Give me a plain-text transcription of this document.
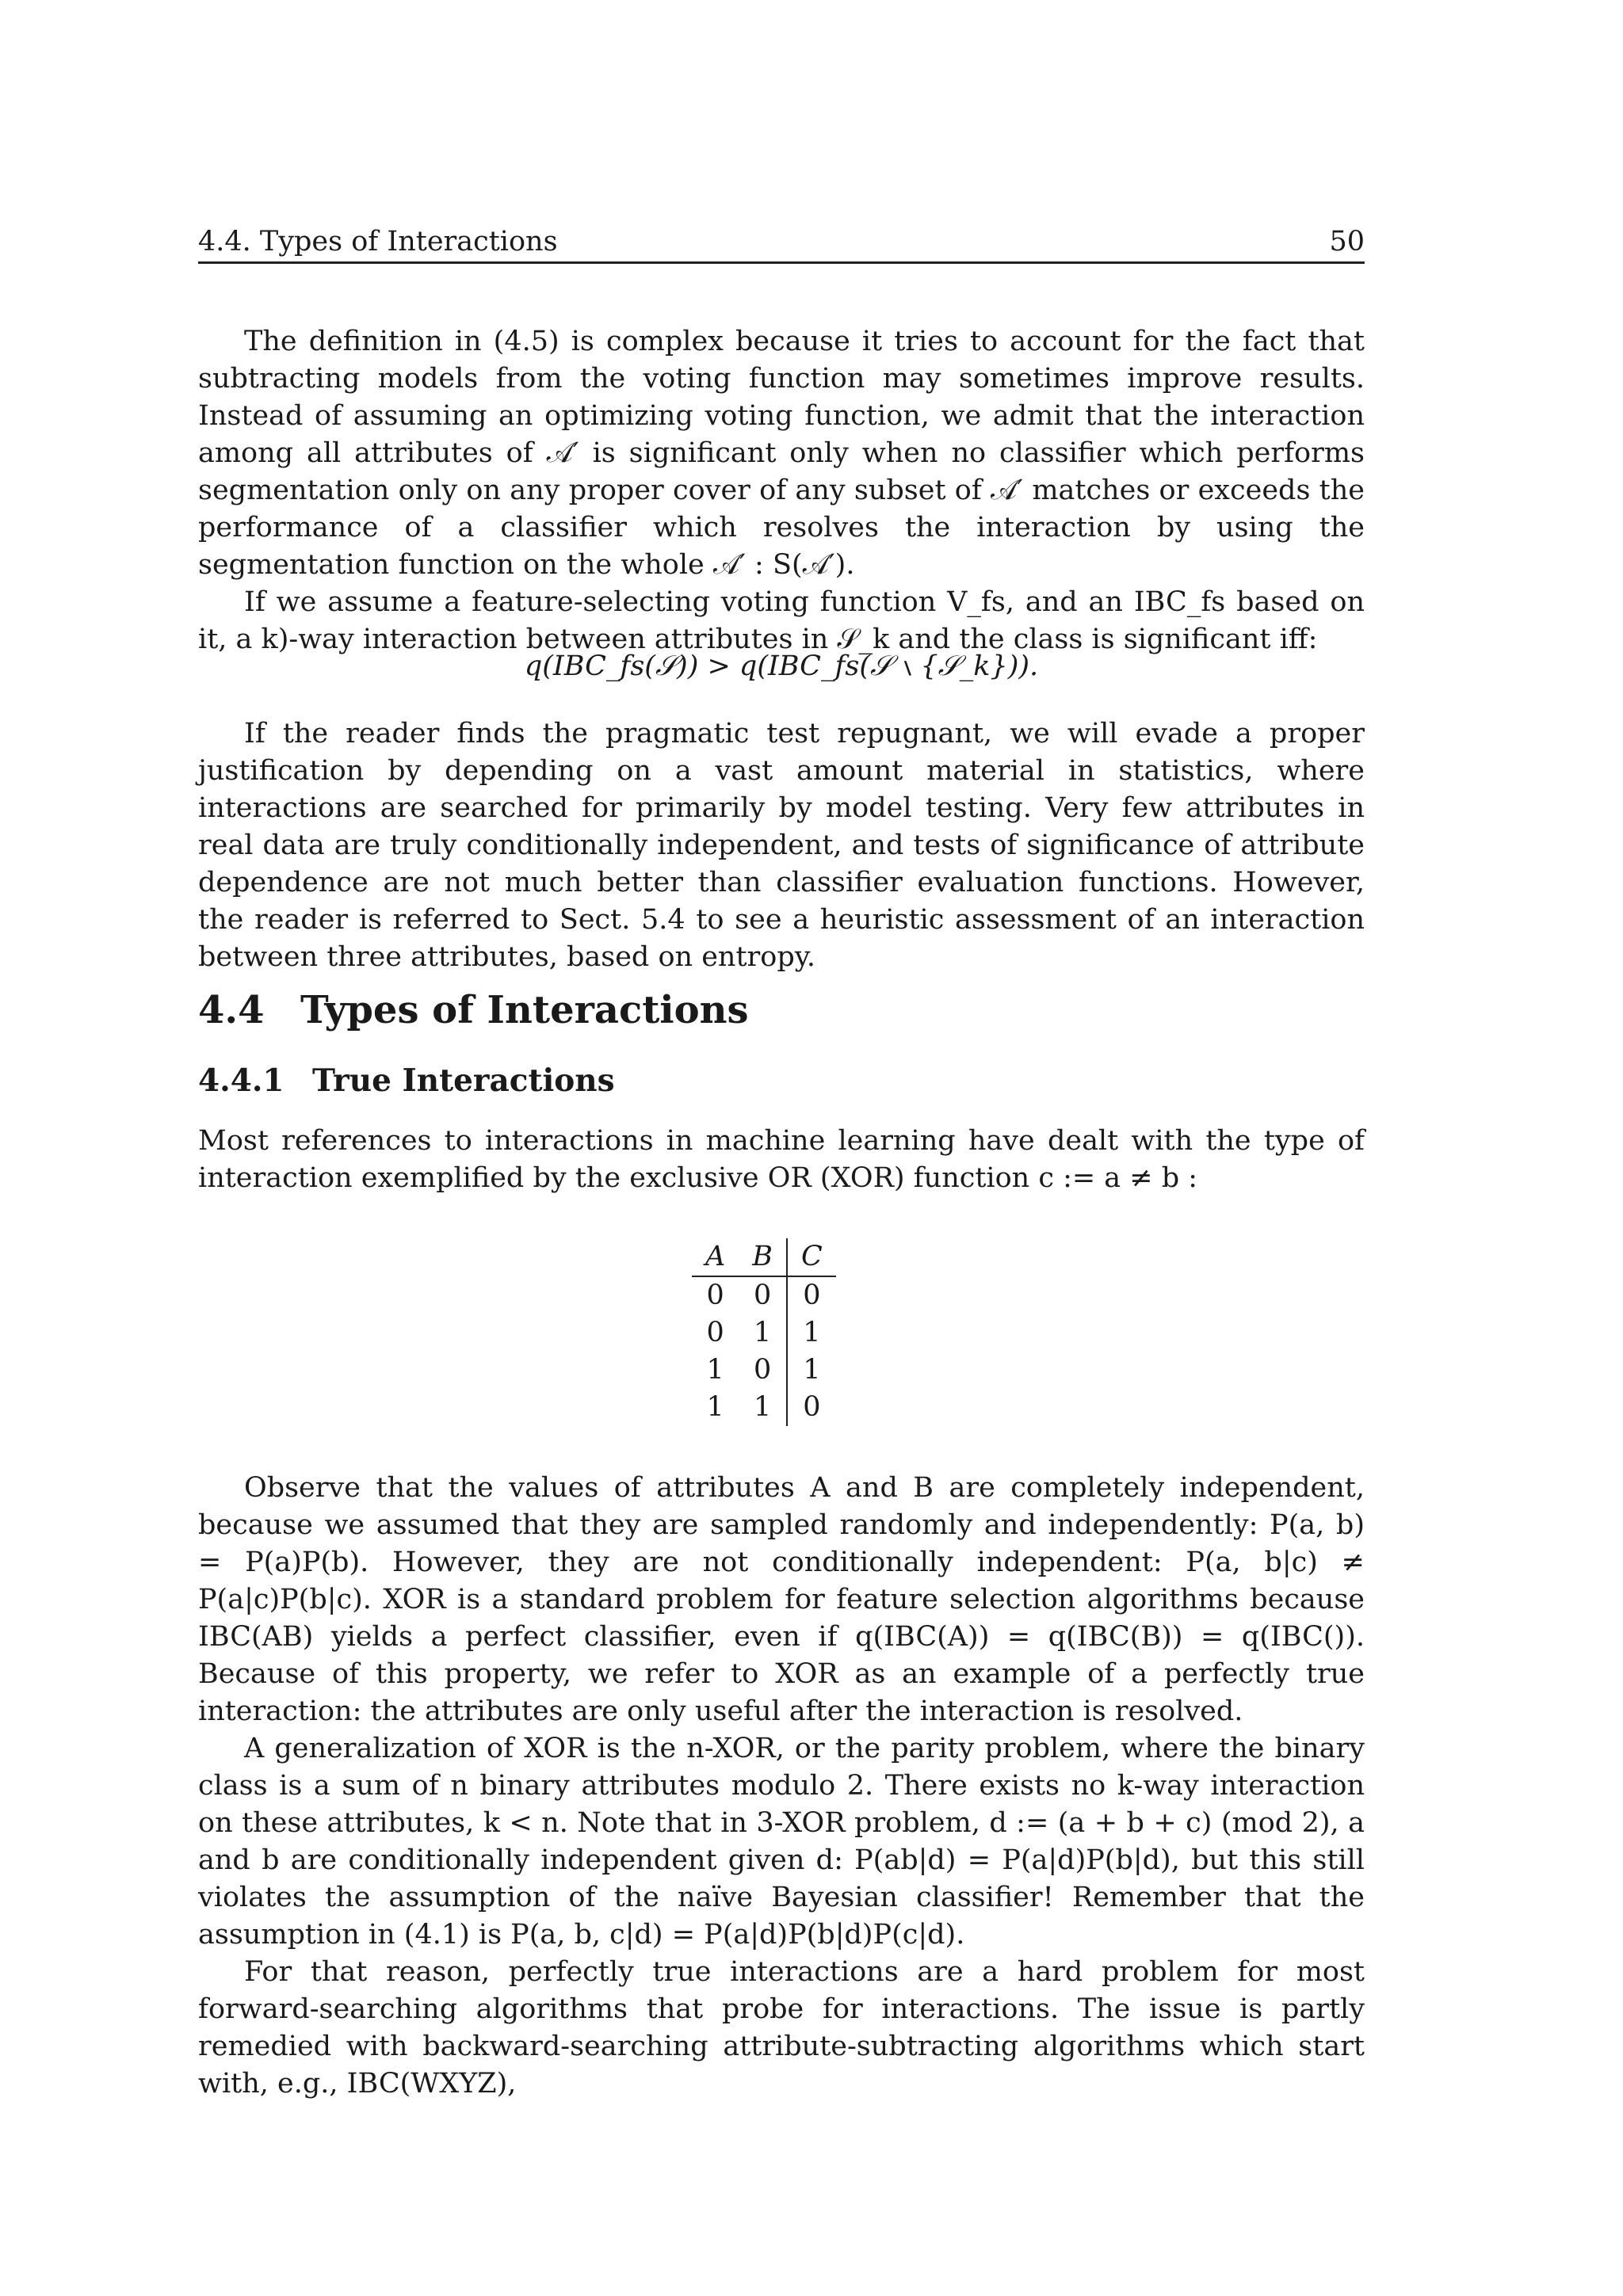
4.4. Types of Interactions	50

The definition in (4.5) is complex because it tries to account for the fact that subtracting models from the voting function may sometimes improve results. Instead of assuming an optimizing voting function, we admit that the interaction among all attributes of 𝒜′ is significant only when no classifier which performs segmentation only on any proper cover of any subset of 𝒜′ matches or exceeds the performance of a classifier which resolves the interaction by using the segmentation function on the whole 𝒜′ : S(𝒜′).

If we assume a feature-selecting voting function V_fs, and an IBC_fs based on it, a k)-way interaction between attributes in 𝒮_k and the class is significant iff:

q(IBC_fs(𝒮)) > q(IBC_fs(𝒮 ∖ {𝒮_k})).

If the reader finds the pragmatic test repugnant, we will evade a proper justification by depending on a vast amount material in statistics, where interactions are searched for primarily by model testing. Very few attributes in real data are truly conditionally independent, and tests of significance of attribute dependence are not much better than classifier evaluation functions. However, the reader is referred to Sect. 5.4 to see a heuristic assessment of an interaction between three attributes, based on entropy.

4.4 Types of Interactions
4.4.1 True Interactions

Most references to interactions in machine learning have dealt with the type of interaction exemplified by the exclusive OR (XOR) function c := a ≠ b :

Observe that the values of attributes A and B are completely independent, because we assumed that they are sampled randomly and independently: P(a, b) = P(a)P(b). However, they are not conditionally independent: P(a, b|c) ≠ P(a|c)P(b|c). XOR is a standard problem for feature selection algorithms because IBC(AB) yields a perfect classifier, even if q(IBC(A)) = q(IBC(B)) = q(IBC()). Because of this property, we refer to XOR as an example of a perfectly true interaction: the attributes are only useful after the interaction is resolved.

A generalization of XOR is the n-XOR, or the parity problem, where the binary class is a sum of n binary attributes modulo 2. There exists no k-way interaction on these attributes, k < n. Note that in 3-XOR problem, d := (a + b + c) (mod 2), a and b are conditionally independent given d: P(ab|d) = P(a|d)P(b|d), but this still violates the assumption of the naïve Bayesian classifier! Remember that the assumption in (4.1) is P(a, b, c|d) = P(a|d)P(b|d)P(c|d).

For that reason, perfectly true interactions are a hard problem for most forward-searching algorithms that probe for interactions. The issue is partly remedied with backward-searching attribute-subtracting algorithms which start with, e.g., IBC(WXYZ),

A	B	C
0	0	0
0	1	1
1	0	1
1	1	0
